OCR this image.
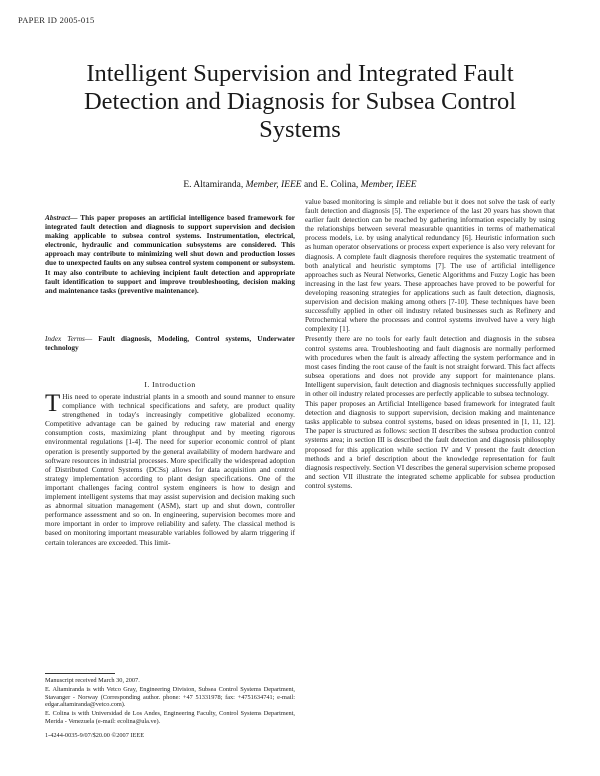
PAPER ID 2005-015
Intelligent Supervision and Integrated Fault Detection and Diagnosis for Subsea Control Systems
E. Altamiranda, Member, IEEE and E. Colina, Member, IEEE

Abstract— This paper proposes an artificial intelligence based framework for integrated fault detection and diagnosis to support supervision and decision making applicable to subsea control systems. Instrumentation, electrical, electronic, hydraulic and communication subsystems are considered. This approach may contribute to minimizing well shut down and production losses due to unexpected faults on any subsea control system component or subsystem. It may also contribute to achieving incipient fault detection and appropriate fault identification to support and improve troubleshooting, decision making and maintenance tasks (preventive maintenance).

Index Terms— Fault diagnosis, Modeling, Control systems, Underwater technology

I. Introduction

T His need to operate industrial plants in a smooth and sound manner to ensure compliance with technical specifications and safety, are product quality strengthened in today's increasingly competitive globalized economy. Competitive advantage can be gained by reducing raw material and energy consumption costs, maximizing plant throughput and by meeting rigorous environmental regulations [1-4]. The need for superior economic control of plant operation is presently supported by the general availability of modern hardware and software resources in industrial processes. More specifically the widespread adoption of Distributed Control Systems (DCSs) allows for data acquisition and control strategy implementation according to plant design specifications. One of the important challenges facing control system engineers is how to design and implement intelligent systems that may assist supervision and decision making such as abnormal situation management (ASM), start up and shut down, controller performance assessment and so on. In engineering, supervision becomes more and more important in order to improve reliability and safety. The classical method is based on monitoring important measurable variables followed by alarm triggering if certain tolerances are exceeded. This limit-

value based monitoring is simple and reliable but it does not solve the task of early fault detection and diagnosis [5]. The experience of the last 20 years has shown that earlier fault detection can be reached by gathering information especially by using the relationships between several measurable quantities in terms of mathematical process models, i.e. by using analytical redundancy [6]. Heuristic information such as human operator observations or process expert experience is also very relevant for diagnosis. A complete fault diagnosis therefore requires the systematic treatment of both analytical and heuristic symptoms [7]. The use of artificial intelligence approaches such as Neural Networks, Genetic Algorithms and Fuzzy Logic has been increasing in the last few years. These approaches have proved to be powerful for developing reasoning strategies for applications such as fault detection, diagnosis, supervision and decision making among others [7-10]. These techniques have been successfully applied in other oil industry related businesses such as Refinery and Petrochemical where the processes and control systems involved have a very high complexity [1].

Presently there are no tools for early fault detection and diagnosis in the subsea control systems area. Troubleshooting and fault diagnosis are normally performed with procedures when the fault is already affecting the system performance and in most cases finding the root cause of the fault is not straight forward. This fact affects subsea operations and does not provide any support for maintenance plans. Intelligent supervision, fault detection and diagnosis techniques successfully applied in other oil industry related processes are perfectly applicable to subsea technology.

This paper proposes an Artificial Intelligence based framework for integrated fault detection and diagnosis to support supervision, decision making and maintenance tasks applicable to subsea control systems, based on ideas presented in [1, 11, 12]. The paper is structured as follows: section II describes the subsea production control systems area; in section III is described the fault detection and diagnosis philosophy proposed for this application while section IV and V present the fault detection methods and a brief description about the knowledge representation for fault diagnosis respectively. Section VI describes the general supervision scheme proposed and section VII illustrate the integrated scheme applicable for subsea production control systems.

Manuscript received March 30, 2007.

E. Altamiranda is with Vetco Gray, Engineering Division, Subsea Control Systems Department, Stavanger - Norway (Corresponding author. phone: +47 51331978; fax: +4751634741; e-mail: edgar.altamiranda@vetco.com).

E. Colina is with Universidad de Los Andes, Engineering Faculty, Control Systems Department, Merida - Venezuela (e-mail: ecolina@ula.ve).

1-4244-0035-9/07/$20.00 ©2007 IEEE
